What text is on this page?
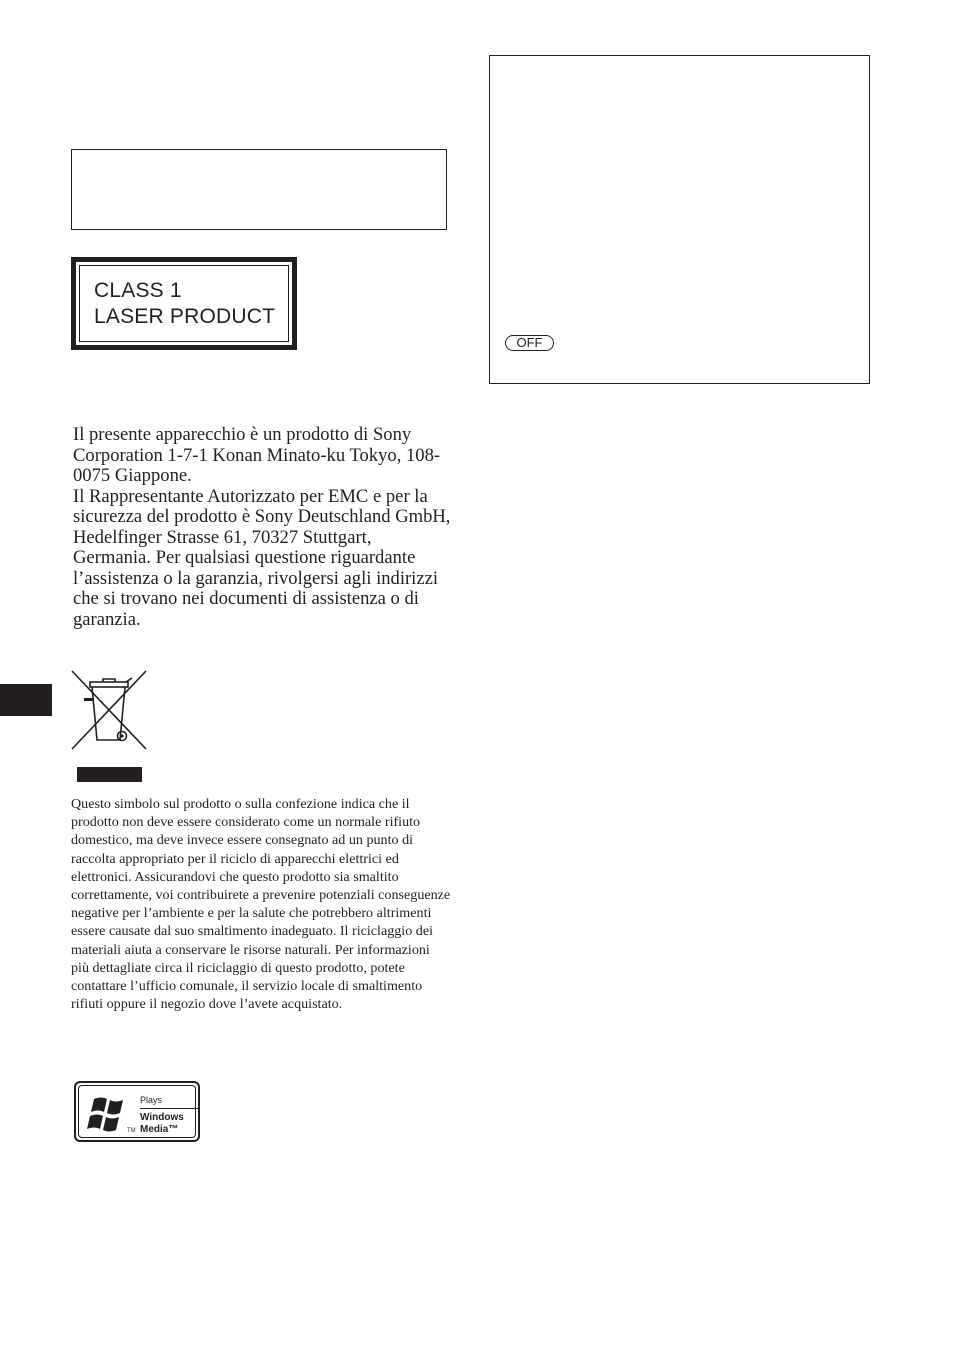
CLASS 1
LASER PRODUCT
OFF

Il presente apparecchio è un prodotto di Sony Corporation 1-7-1 Konan Minato-ku Tokyo, 108-0075 Giappone.

Il Rappresentante Autorizzato per EMC e per la sicurezza del prodotto è Sony Deutschland GmbH, Hedelfinger Strasse 61, 70327 Stuttgart, Germania. Per qualsiasi questione riguardante l’assistenza o la garanzia, rivolgersi agli indirizzi che si trovano nei documenti di assistenza o di garanzia.

Questo simbolo sul prodotto o sulla confezione indica che il prodotto non deve essere considerato come un normale rifiuto domestico, ma deve invece essere consegnato ad un punto di raccolta appropriato per il riciclo di apparecchi elettrici ed elettronici. Assicurandovi che questo prodotto sia smaltito correttamente, voi contribuirete a prevenire potenziali conseguenze negative per l’ambiente e per la salute che potrebbero altrimenti essere causate dal suo smaltimento inadeguato. Il riciclaggio dei materiali aiuta a conservare le risorse naturali. Per informazioni più dettagliate circa il riciclaggio di questo prodotto, potete contattare l’ufficio comunale, il servizio locale di smaltimento rifiuti oppure il negozio dove l’avete acquistato.
TM
Plays
Windows
Media™
